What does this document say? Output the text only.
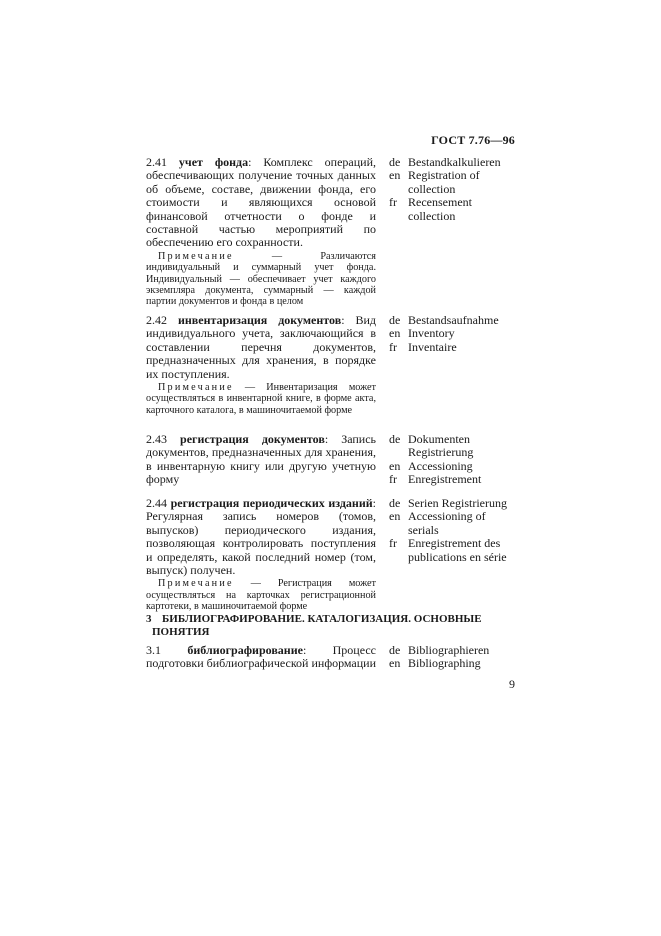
ГОСТ 7.76—96

2.41 учет фонда: Комплекс операций, обеспечивающих получение точных данных об объеме, составе, движении фонда, его стоимости и являющихся основой финансовой отчетности о фонде и составной частью мероприятий по обеспечению его сохранности.

Примечание — Различаются индивидуальный и суммарный учет фонда. Индивидуальный — обеспечивает учет каждого экземпляра документа, суммарный — каждой партии документов и фонда в целом

de Bestandkalkulieren
en Registration of collection
fr Recensement collection

2.42 инвентаризация документов: Вид индивидуального учета, заключающийся в составлении перечня документов, предназначенных для хранения, в порядке их поступления.

Примечание — Инвентаризация может осуществляться в инвентарной книге, в форме акта, карточного каталога, в машиночитаемой форме

de Bestandsaufnahme
en Inventory
fr Inventaire

2.43 регистрация документов: Запись документов, предназначенных для хранения, в инвентарную книгу или другую учетную форму

de Dokumenten Registrierung
en Accessioning
fr Enregistrement

2.44 регистрация периодических изданий: Регулярная запись номеров (томов, выпусков) периодического издания, позволяющая контролировать поступления и определять, какой последний номер (том, выпуск) получен.

Примечание — Регистрация может осуществляться на карточках регистрационной картотеки, в машиночитаемой форме

de Serien Registrierung
en Accessioning of serials
fr Enregistrement des publications en série
3 БИБЛИОГРАФИРОВАНИЕ. КАТАЛОГИЗАЦИЯ. ОСНОВНЫЕ
ПОНЯТИЯ

3.1 библиографирование: Процесс подготовки библиографической информации

de Bibliographieren
en Bibliographing
9
